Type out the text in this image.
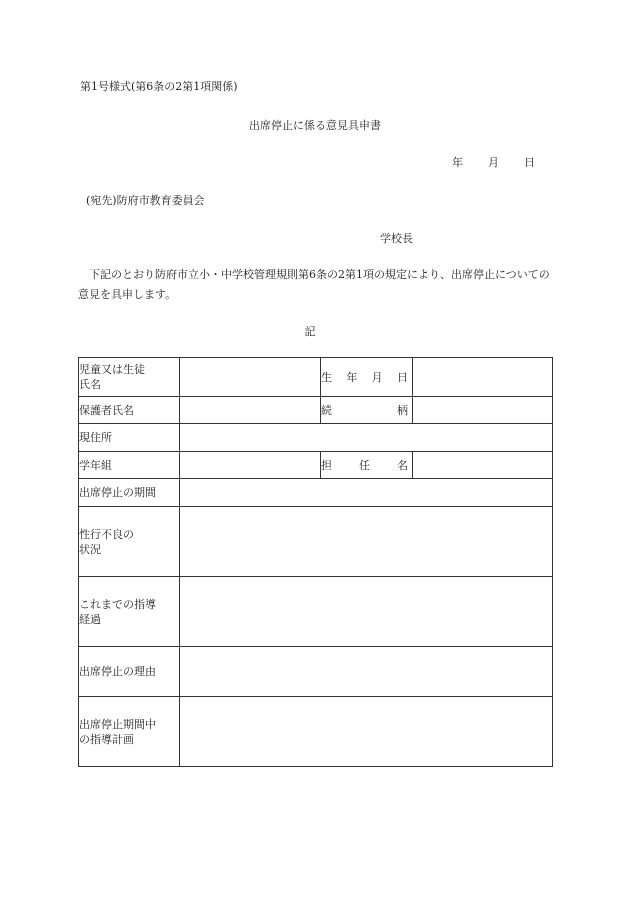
第1号様式(第6条の2第1項関係)
出席停止に係る意見具申書
年 月 日
(宛先)防府市教育委員会
学校長
下記のとおり防府市立小・中学校管理規則第6条の2第1項の規定により、出席停止についての意見を具申します。
記
児童又は生徒
氏名		生 年 月 日	

保護者氏名		続 柄	

現住所			

学年組		担 任 名	

出席停止の期間			

性行不良の
状況			

これまでの指導
経過			

出席停止の理由			

出席停止期間中
の指導計画			
